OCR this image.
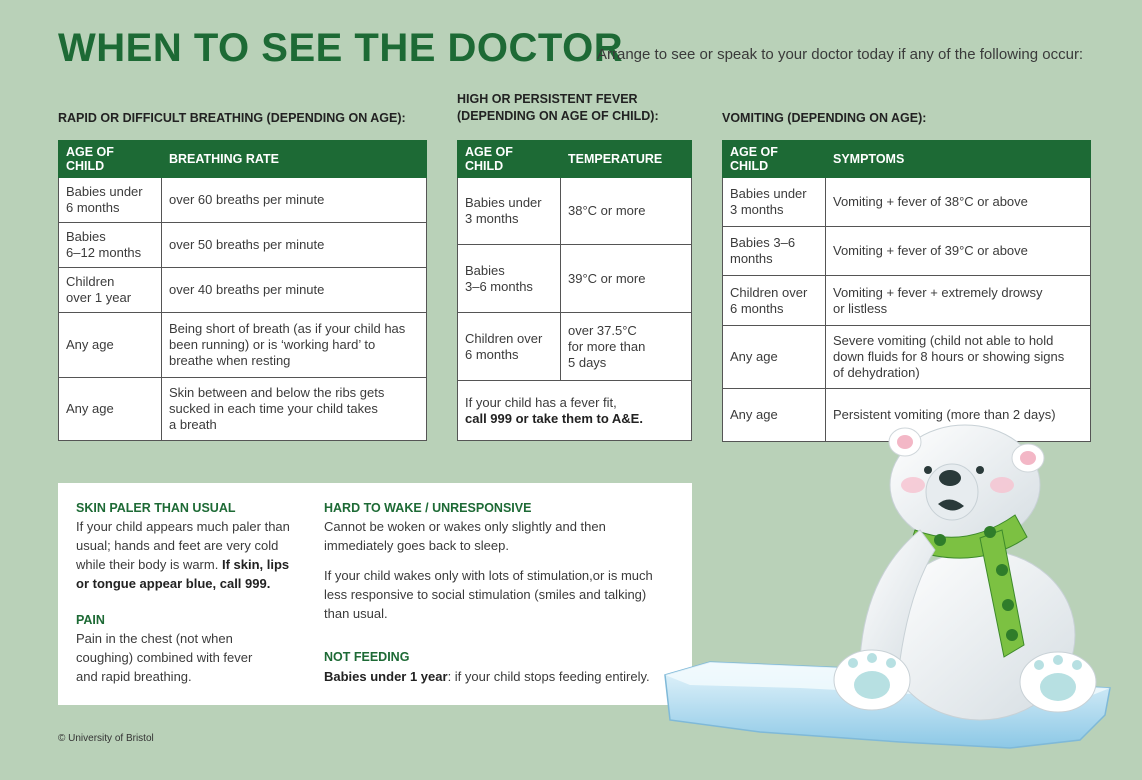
WHEN TO SEE THE DOCTOR
Arrange to see or speak to your doctor today if any of the following occur:
RAPID OR DIFFICULT BREATHING (DEPENDING ON AGE):
AGE OF CHILD	BREATHING RATE
Babies under
6 months	over 60 breaths per minute
Babies
6–12 months	over 50 breaths per minute
Children
over 1 year	over 40 breaths per minute
Any age	Being short of breath (as if your child has
been running) or is ‘working hard’ to
breathe when resting
Any age	Skin between and below the ribs gets
sucked in each time your child takes
a breath
HIGH OR PERSISTENT FEVER
(DEPENDING ON AGE OF CHILD):
AGE OF CHILD	TEMPERATURE
Babies under
3 months	38°C or more
Babies
3–6 months	39°C or more
Children over
6 months	over 37.5°C
for more than
5 days

If your child has a fever fit,
call 999 or take them to A&E.	
VOMITING (DEPENDING ON AGE):
AGE OF CHILD	SYMPTOMS
Babies under
3 months	Vomiting + fever of 38°C or above
Babies 3–6
months	Vomiting + fever of 39°C or above
Children over
6 months	Vomiting + fever + extremely drowsy
or listless
Any age	Severe vomiting (child not able to hold
down fluids for 8 hours or showing signs
of dehydration)
Any age	Persistent vomiting (more than 2 days)
SKIN PALER THAN USUAL
If your child appears much paler than usual; hands and feet are very cold while their body is warm. If skin, lips or tongue appear blue, call 999.
PAIN
Pain in the chest (not when coughing) combined with fever and rapid breathing.
HARD TO WAKE / UNRESPONSIVE
Cannot be woken or wakes only slightly and then immediately goes back to sleep.
If your child wakes only with lots of stimulation,or is much less responsive to social stimulation (smiles and talking) than usual.
NOT FEEDING
Babies under 1 year: if your child stops feeding entirely.
© University of Bristol
